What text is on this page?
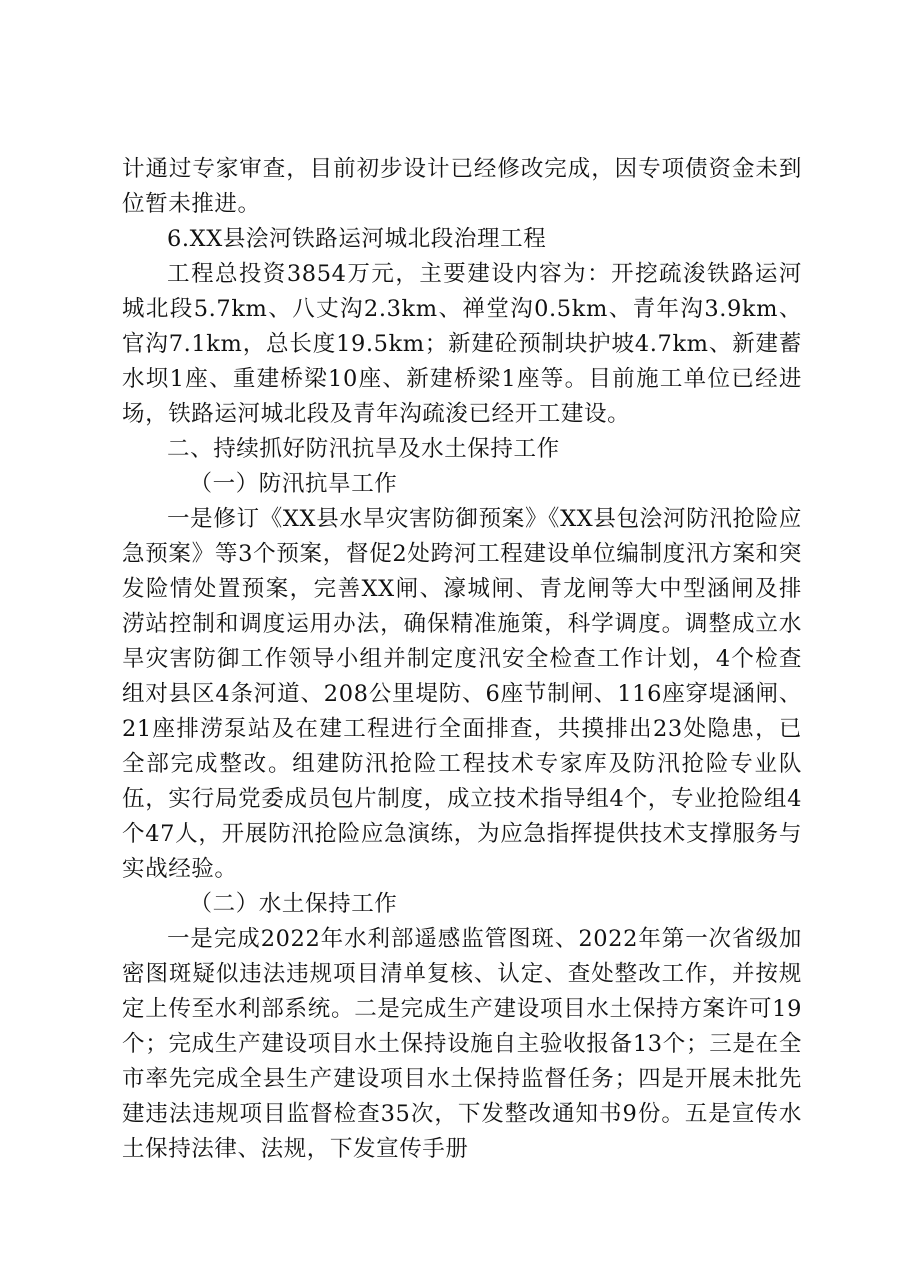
计通过专家审查，目前初步设计已经修改完成，因专项债资金未到位暂未推进。

6.XX县浍河铁路运河城北段治理工程

工程总投资3854万元，主要建设内容为：开挖疏浚铁路运河城北段5.7km、八丈沟2.3km、禅堂沟0.5km、青年沟3.9km、官沟7.1km，总长度19.5km；新建砼预制块护坡4.7km、新建蓄水坝1座、重建桥梁10座、新建桥梁1座等。目前施工单位已经进场，铁路运河城北段及青年沟疏浚已经开工建设。

二、持续抓好防汛抗旱及水土保持工作

（一）防汛抗旱工作

一是修订《XX县水旱灾害防御预案》《XX县包浍河防汛抢险应急预案》等3个预案，督促2处跨河工程建设单位编制度汛方案和突发险情处置预案，完善XX闸、濠城闸、青龙闸等大中型涵闸及排涝站控制和调度运用办法，确保精准施策，科学调度。调整成立水旱灾害防御工作领导小组并制定度汛安全检查工作计划，4个检查组对县区4条河道、208公里堤防、6座节制闸、116座穿堤涵闸、21座排涝泵站及在建工程进行全面排查，共摸排出23处隐患，已全部完成整改。组建防汛抢险工程技术专家库及防汛抢险专业队伍，实行局党委成员包片制度，成立技术指导组4个，专业抢险组4个47人，开展防汛抢险应急演练，为应急指挥提供技术支撑服务与实战经验。

（二）水土保持工作

一是完成2022年水利部遥感监管图斑、2022年第一次省级加密图斑疑似违法违规项目清单复核、认定、查处整改工作，并按规定上传至水利部系统。二是完成生产建设项目水土保持方案许可19个；完成生产建设项目水土保持设施自主验收报备13个；三是在全市率先完成全县生产建设项目水土保持监督任务；四是开展未批先建违法违规项目监督检查35次，下发整改通知书9份。五是宣传水土保持法律、法规，下发宣传手册
